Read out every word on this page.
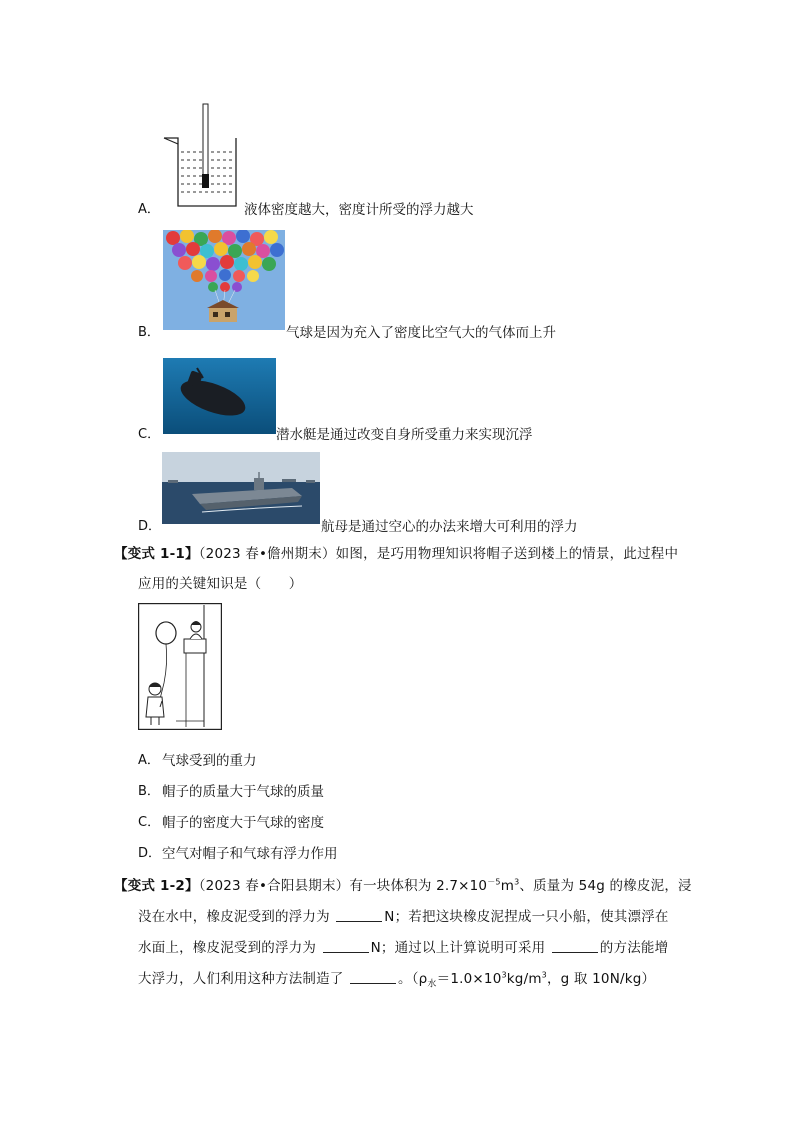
A．	液体密度越大，密度计所受的浮力越大
B．	气球是因为充入了密度比空气大的气体而上升
C．	潜水艇是通过改变自身所受重力来实现沉浮
D．	航母是通过空心的办法来增大可利用的浮力
【变式 1-1】（2023 春•儋州期末）如图，是巧用物理知识将帽子送到楼上的情景，此过程中
应用的关键知识是（　　）
A． 气球受到的重力
B． 帽子的质量大于气球的质量
C． 帽子的密度大于气球的密度
D． 空气对帽子和气球有浮力作用
【变式 1-2】（2023 春•合阳县期末）有一块体积为 $2.7\times 10^{-5}m^3$、质量为 54g 的橡皮泥，浸
没在水中，橡皮泥受到的浮力为	N；若把这块橡皮泥捏成一只小船，使其漂浮在
水面上，橡皮泥受到的浮力为	N；通过以上计算说明可采用	的方法能增
大浮力，人们利用这种方法制造了	。（$\rho_水=1.0\times 10^3kg/m^3$，g 取 10N/kg）
